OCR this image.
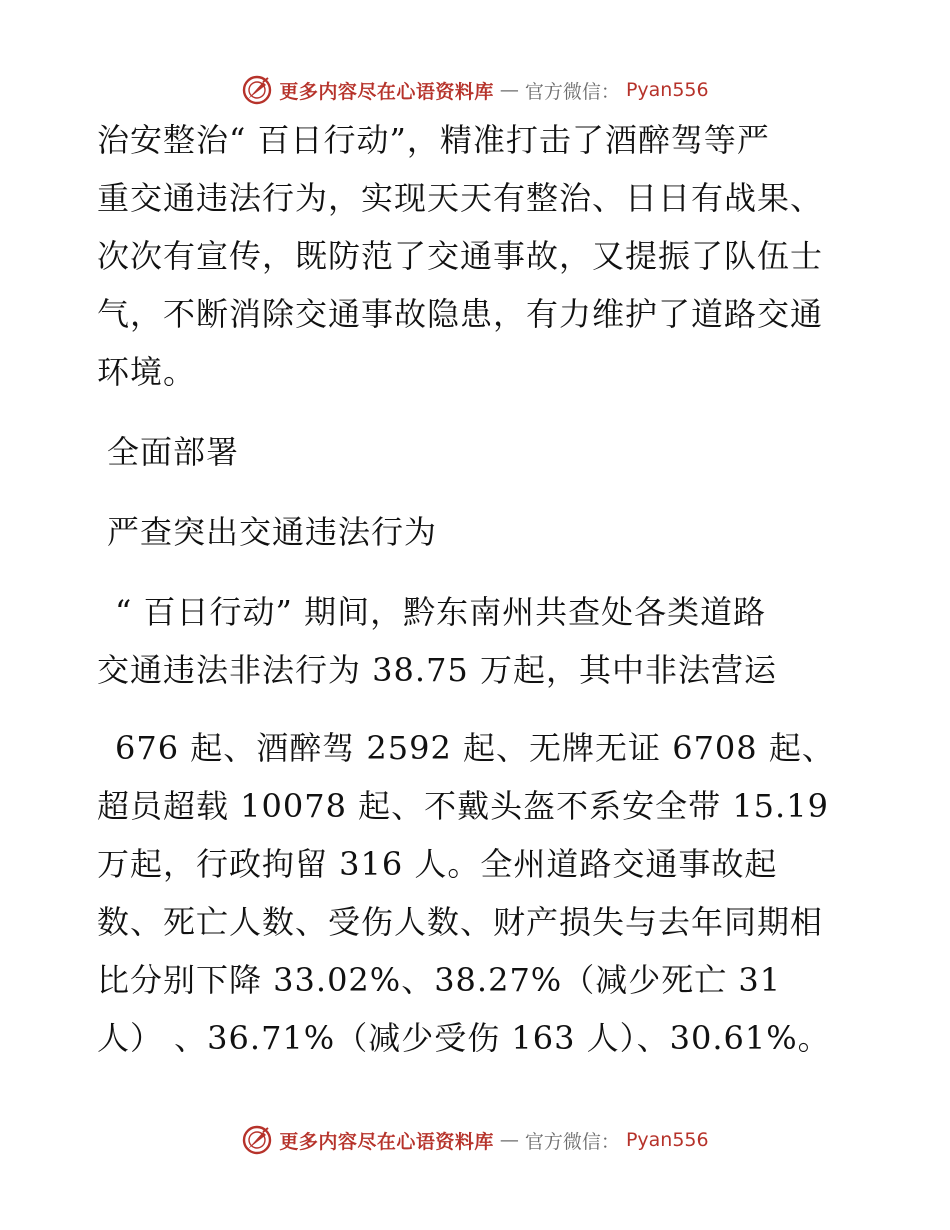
更多内容尽在心语资料库 — 官方微信： Pyan556
治安整治“ 百日行动”，精准打击了酒醉驾等严
重交通违法行为，实现天天有整治、日日有战果、
次次有宣传，既防范了交通事故，又提振了队伍士
气，不断消除交通事故隐患，有力维护了道路交通
环境。
全面部署
严查突出交通违法行为
“ 百日行动” 期间，黔东南州共查处各类道路
交通违法非法行为 38.75 万起，其中非法营运
676 起、酒醉驾 2592 起、无牌无证 6708 起、
超员超载 10078 起、不戴头盔不系安全带 15.19
万起，行政拘留 316 人。全州道路交通事故起
数、死亡人数、受伤人数、财产损失与去年同期相
比分别下降 33.02%、38.27%（减少死亡 31
人） 、36.71%（减少受伤 163 人）、30.61%。
更多内容尽在心语资料库 — 官方微信： Pyan556
